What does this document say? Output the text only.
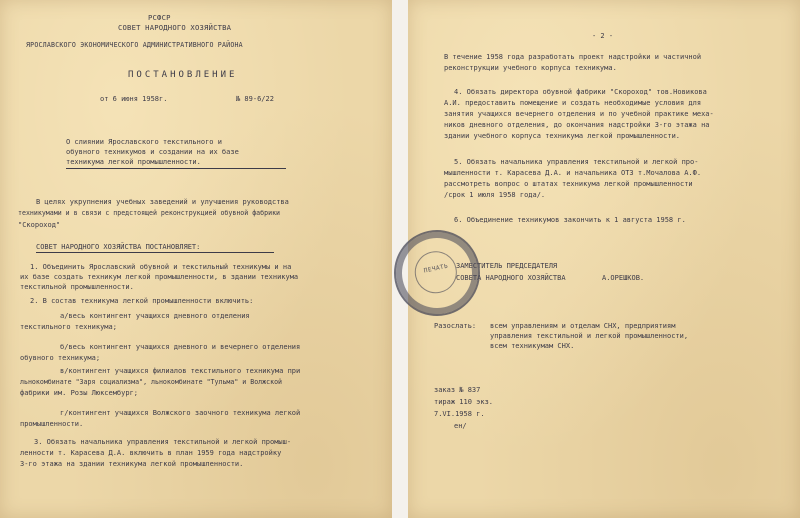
РСФСР
СОВЕТ НАРОДНОГО ХОЗЯЙСТВА
ЯРОСЛАВСКОГО ЭКОНОМИЧЕСКОГО АДМИНИСТРАТИВНОГО РАЙОНА
ПОСТАНОВЛЕНИЕ
от 6 июня 1958г.	№ 89-6/22
О слиянии Ярославского текстильного и
обувного техникумов и создании на их базе
техникума легкой промышленности.
В целях укрупнения учебных заведений и улучшения руководства
техникумами и в связи с предстоящей реконструкцией обувной фабрики
"Скороход"
СОВЕТ НАРОДНОГО ХОЗЯЙСТВА ПОСТАНОВЛЯЕТ:
1. Объединить Ярославский обувной и текстильный техникумы и на
их базе создать техникум легкой промышленности, в здании техникума
текстильной промышленности.
2. В состав техникума легкой промышленности включить:
а/весь контингент учащихся дневного отделения
текстильного техникума;
б/весь контингент учащихся дневного и вечернего отделения
обувного техникума;
в/контингент учащихся филиалов текстильного техникума при
льнокомбинате "Заря социализма", льнокомбинате "Тульма" и Волжской
фабрики им. Розы Люксембург;
г/контингент учащихся Волжского заочного техникума легкой
промышленности.
3. Обязать начальника управления текстильной и легкой промыш-
ленности т. Карасева Д.А. включить в план 1959 года надстройку
3-го этажа на здании техникума легкой промышленности.
- 2 -
В течение 1958 года разработать проект надстройки и частичной
реконструкции учебного корпуса техникума.
4. Обязать директора обувной фабрики "Скороход" тов.Новикова
А.И. предоставить помещение и создать необходимые условия для
занятия учащихся вечернего отделения и по учебной практике меха-
ников дневного отделения, до окончания надстройки 3-го этажа на
здании учебного корпуса техникума легкой промышленности.
5. Обязать начальника управления текстильной и легкой про-
мышленности т. Карасева Д.А. и начальника ОТЗ т.Мочалова А.Ф.
рассмотреть вопрос о штатах техникума легкой промышленности
/срок 1 июля 1958 года/.
6. Объединение техникумов закончить к 1 августа 1958 г.
ЗАМЕСТИТЕЛЬ ПРЕДСЕДАТЕЛЯ
СОВЕТА НАРОДНОГО ХОЗЯЙСТВА	А.ОРЕШКОВ.
Разослать: всем управлениям и отделам СНХ, предприятиям
управления текстильной и легкой промышленности,
всем техникумам СНХ.
заказ № 837
тираж 110 экз.
7.VI.1958 г.
ен/
ПЕЧАТЬ
